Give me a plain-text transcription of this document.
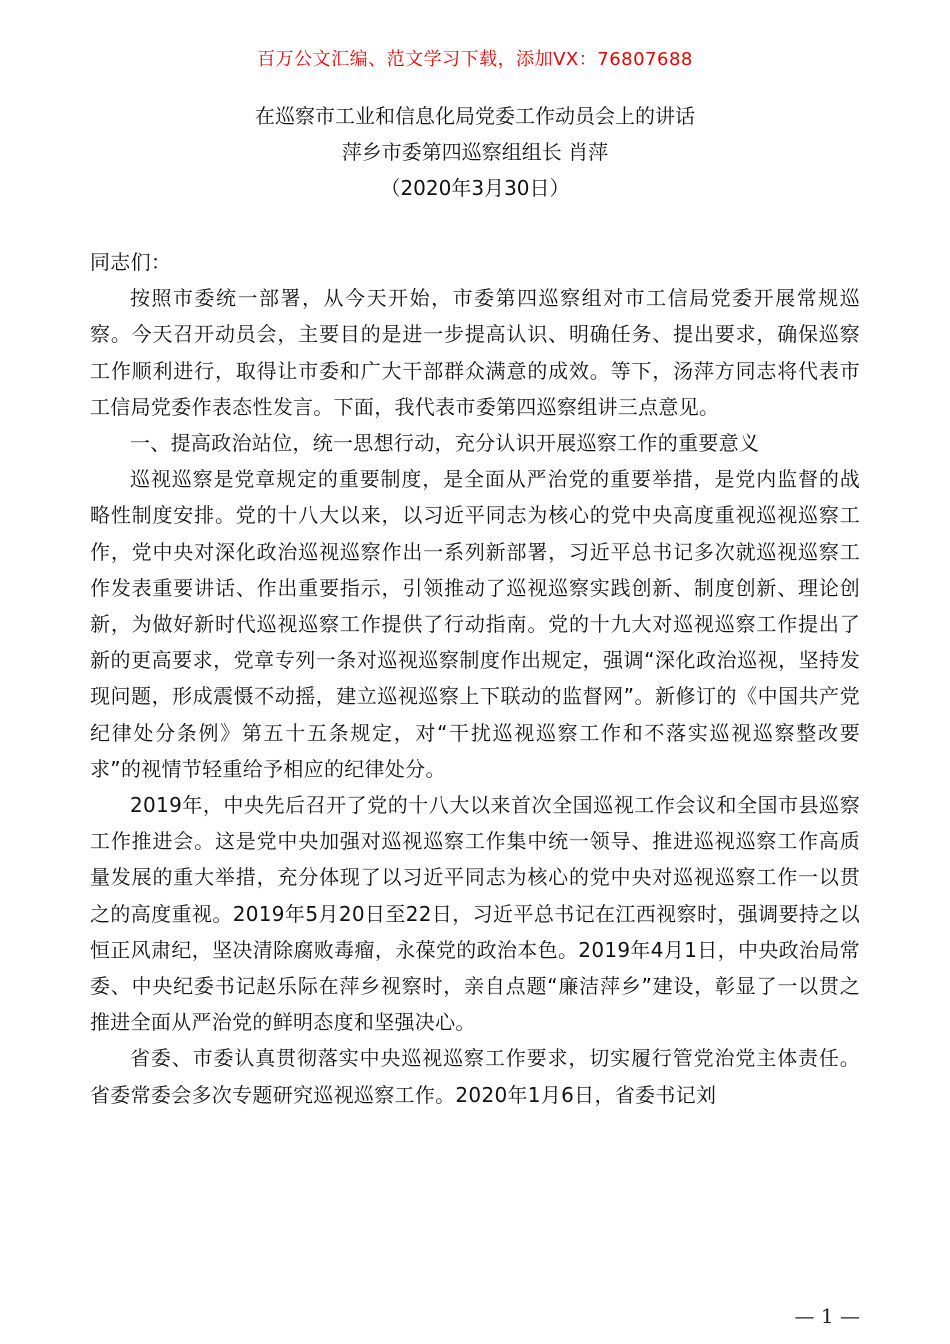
百万公文汇编、范文学习下载，添加VX：76807688
在巡察市工业和信息化局党委工作动员会上的讲话
萍乡市委第四巡察组组长 肖萍
（2020年3月30日）

同志们：

按照市委统一部署，从今天开始，市委第四巡察组对市工信局党委开展常规巡察。今天召开动员会，主要目的是进一步提高认识、明确任务、提出要求，确保巡察工作顺利进行，取得让市委和广大干部群众满意的成效。等下，汤萍方同志将代表市工信局党委作表态性发言。下面，我代表市委第四巡察组讲三点意见。

一、提高政治站位，统一思想行动，充分认识开展巡察工作的重要意义

巡视巡察是党章规定的重要制度，是全面从严治党的重要举措，是党内监督的战略性制度安排。党的十八大以来，以习近平同志为核心的党中央高度重视巡视巡察工作，党中央对深化政治巡视巡察作出一系列新部署，习近平总书记多次就巡视巡察工作发表重要讲话、作出重要指示，引领推动了巡视巡察实践创新、制度创新、理论创新，为做好新时代巡视巡察工作提供了行动指南。党的十九大对巡视巡察工作提出了新的更高要求，党章专列一条对巡视巡察制度作出规定，强调“深化政治巡视，坚持发现问题，形成震慑不动摇，建立巡视巡察上下联动的监督网”。新修订的《中国共产党纪律处分条例》第五十五条规定，对“干扰巡视巡察工作和不落实巡视巡察整改要求”的视情节轻重给予相应的纪律处分。

2019年，中央先后召开了党的十八大以来首次全国巡视工作会议和全国市县巡察工作推进会。这是党中央加强对巡视巡察工作集中统一领导、推进巡视巡察工作高质量发展的重大举措，充分体现了以习近平同志为核心的党中央对巡视巡察工作一以贯之的高度重视。2019年5月20日至22日，习近平总书记在江西视察时，强调要持之以恒正风肃纪，坚决清除腐败毒瘤，永葆党的政治本色。2019年4月1日，中央政治局常委、中央纪委书记赵乐际在萍乡视察时，亲自点题“廉洁萍乡”建设，彰显了一以贯之推进全面从严治党的鲜明态度和坚强决心。

省委、市委认真贯彻落实中央巡视巡察工作要求，切实履行管党治党主体责任。省委常委会多次专题研究巡视巡察工作。2020年1月6日，省委书记刘

— 1 —
